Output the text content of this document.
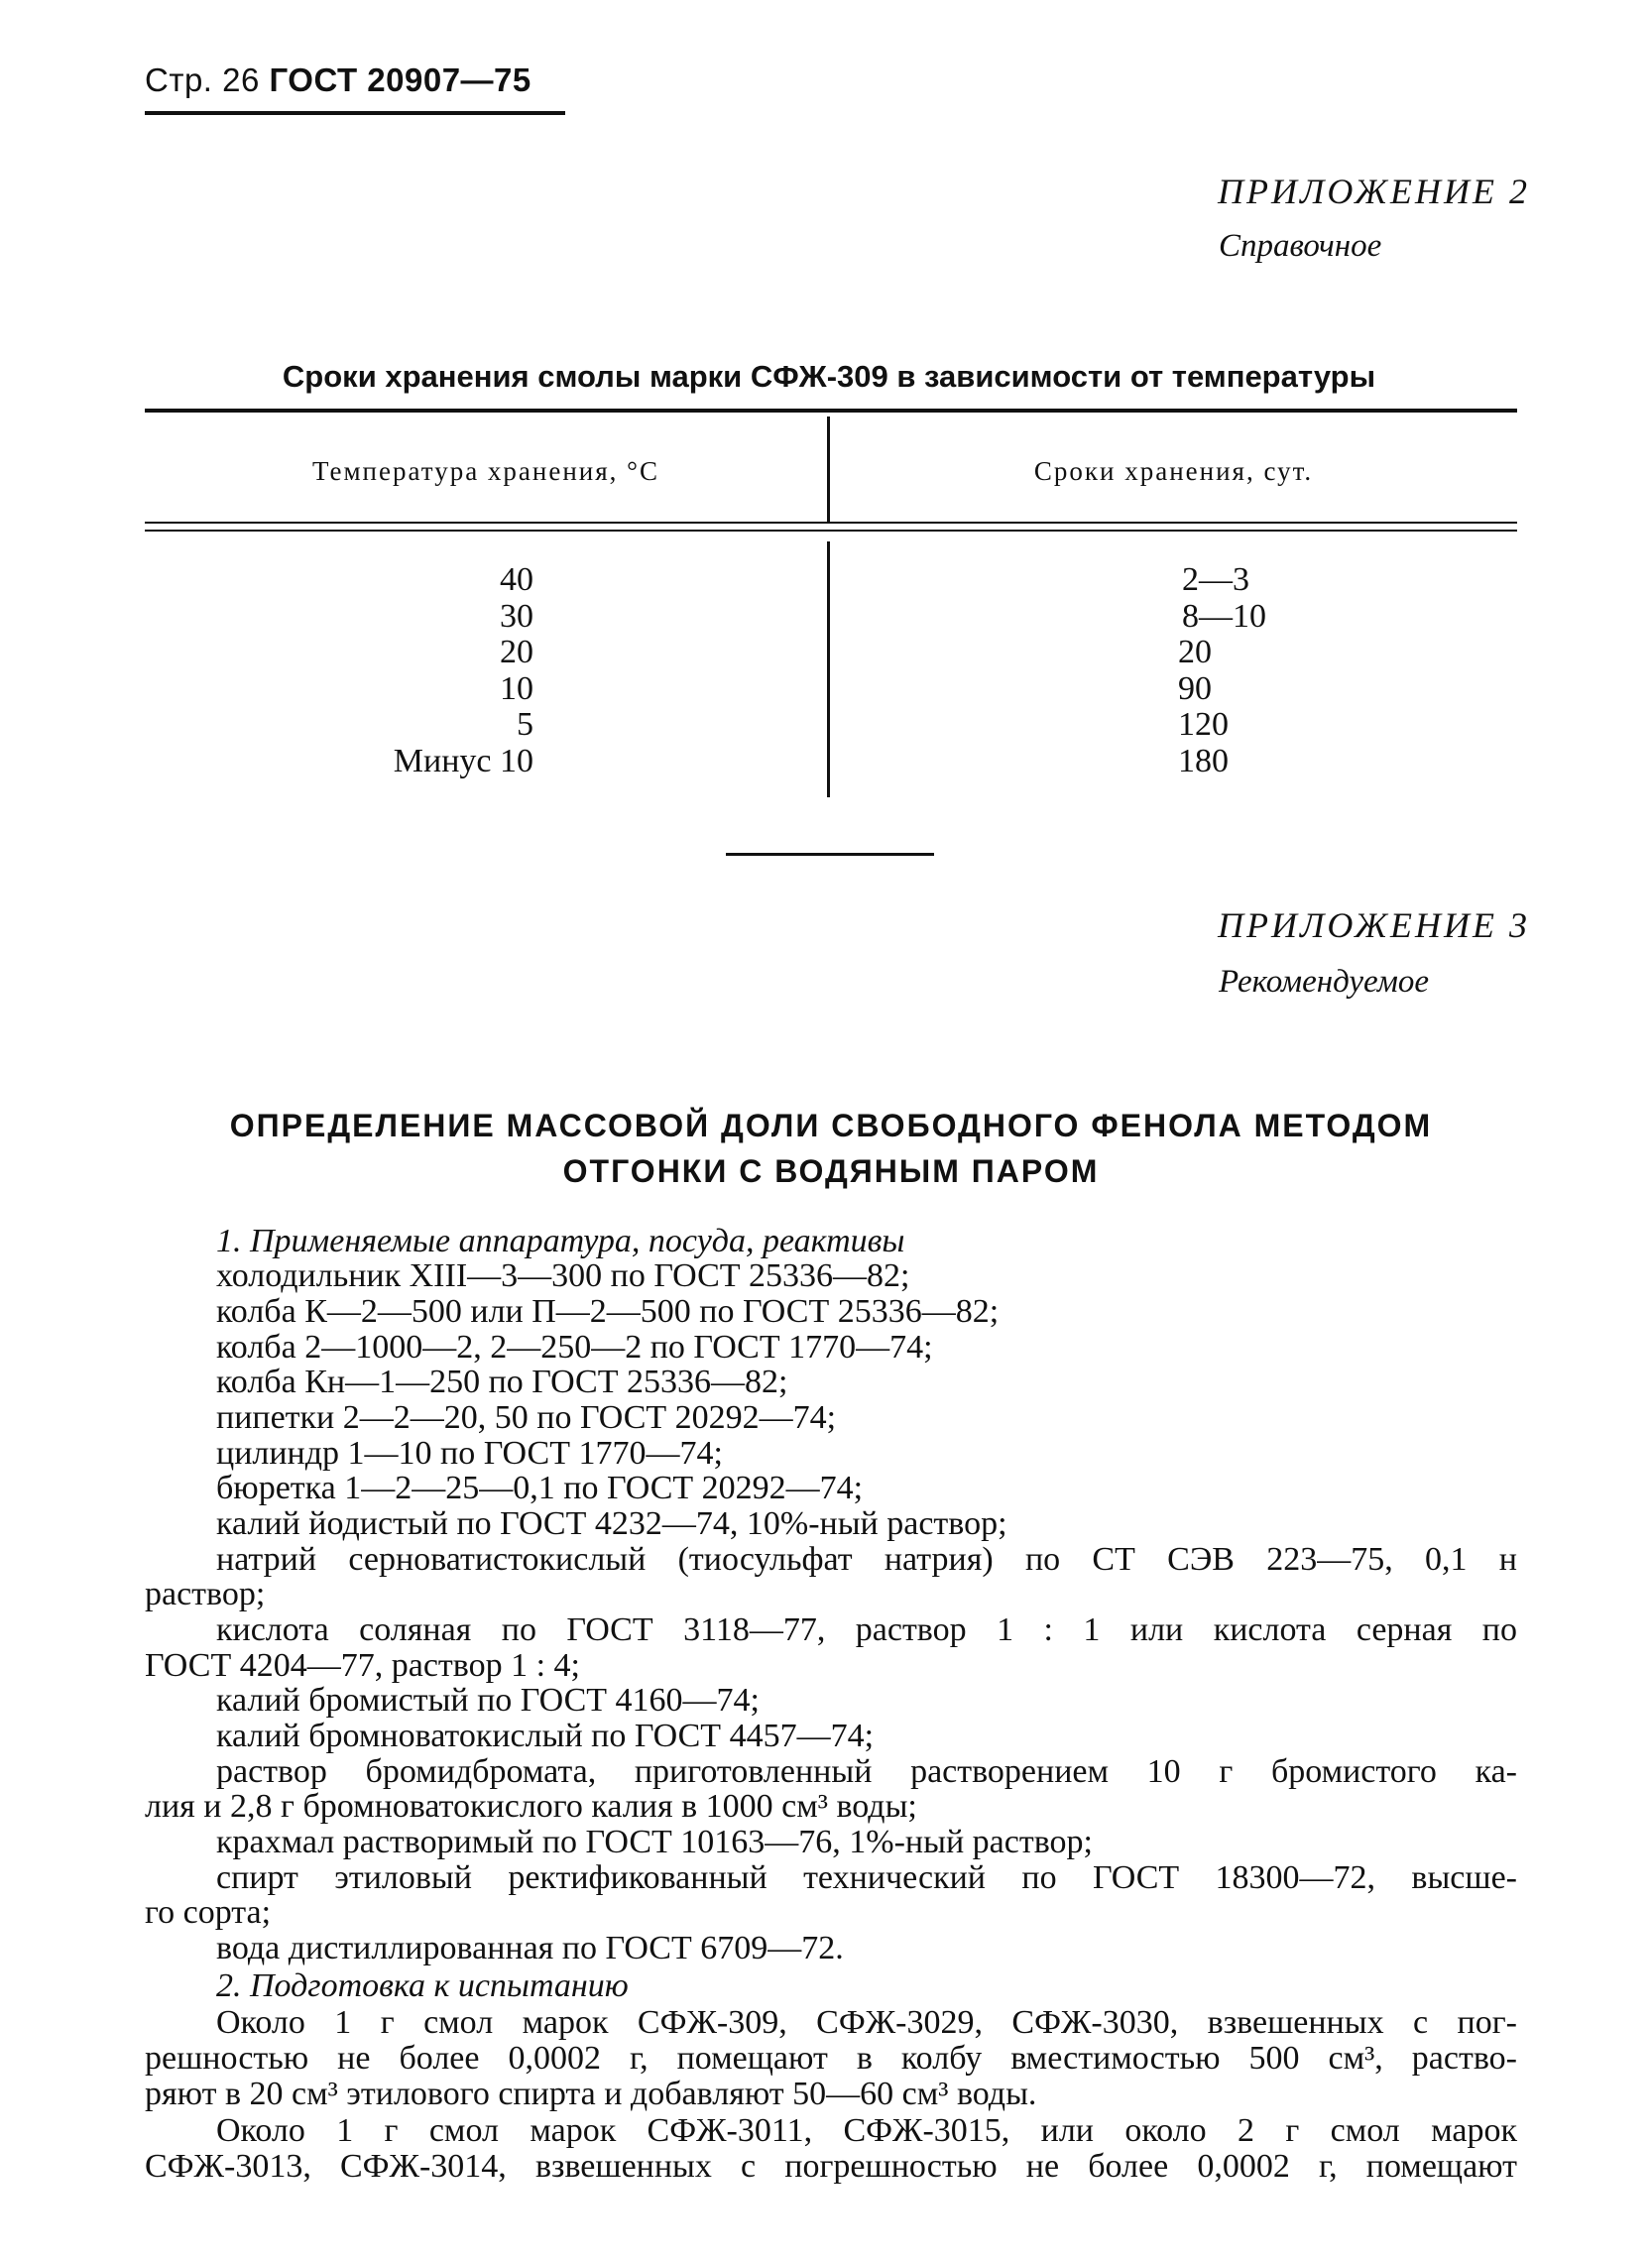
Стр. 26 ГОСТ 20907—75
ПРИЛОЖЕНИЕ 2
Справочное
Сроки хранения смолы марки СФЖ-309 в зависимости от температуры
Температура хранения, °С	Сроки хранения, сут.
40
30
20
10
5
Минус 10
2—3
8—10
20
90
120
180
ПРИЛОЖЕНИЕ 3
Рекомендуемое
ОПРЕДЕЛЕНИЕ МАССОВОЙ ДОЛИ СВОБОДНОГО ФЕНОЛА МЕТОДОМ
ОТГОНКИ С ВОДЯНЫМ ПАРОМ
1. Применяемые аппаратура, посуда, реактивы
холодильник ХIII—3—300 по ГОСТ 25336—82;
колба К—2—500 или П—2—500 по ГОСТ 25336—82;
колба 2—1000—2, 2—250—2 по ГОСТ 1770—74;
колба Кн—1—250 по ГОСТ 25336—82;
пипетки 2—2—20, 50 по ГОСТ 20292—74;
цилиндр 1—10 по ГОСТ 1770—74;
бюретка 1—2—25—0,1 по ГОСТ 20292—74;
калий йодистый по ГОСТ 4232—74, 10%-ный раствор;
натрий серноватистокислый (тиосульфат натрия) по СТ СЭВ 223—75, 0,1 н
раствор;
кислота соляная по ГОСТ 3118—77, раствор 1 : 1 или кислота серная по
ГОСТ 4204—77, раствор 1 : 4;
калий бромистый по ГОСТ 4160—74;
калий бромноватокислый по ГОСТ 4457—74;
раствор бромидбромата, приготовленный растворением 10 г бромистого ка-
лия и 2,8 г бромноватокислого калия в 1000 см³ воды;
крахмал растворимый по ГОСТ 10163—76, 1%-ный раствор;
спирт этиловый ректификованный технический по ГОСТ 18300—72, высше-
го сорта;
вода дистиллированная по ГОСТ 6709—72.
2. Подготовка к испытанию
Около 1 г смол марок СФЖ-309, СФЖ-3029, СФЖ-3030, взвешенных с пог-
решностью не более 0,0002 г, помещают в колбу вместимостью 500 см³, раство-
ряют в 20 см³ этилового спирта и добавляют 50—60 см³ воды.
Около 1 г смол марок СФЖ-3011, СФЖ-3015, или около 2 г смол марок
СФЖ-3013, СФЖ-3014, взвешенных с погрешностью не более 0,0002 г, помещают
